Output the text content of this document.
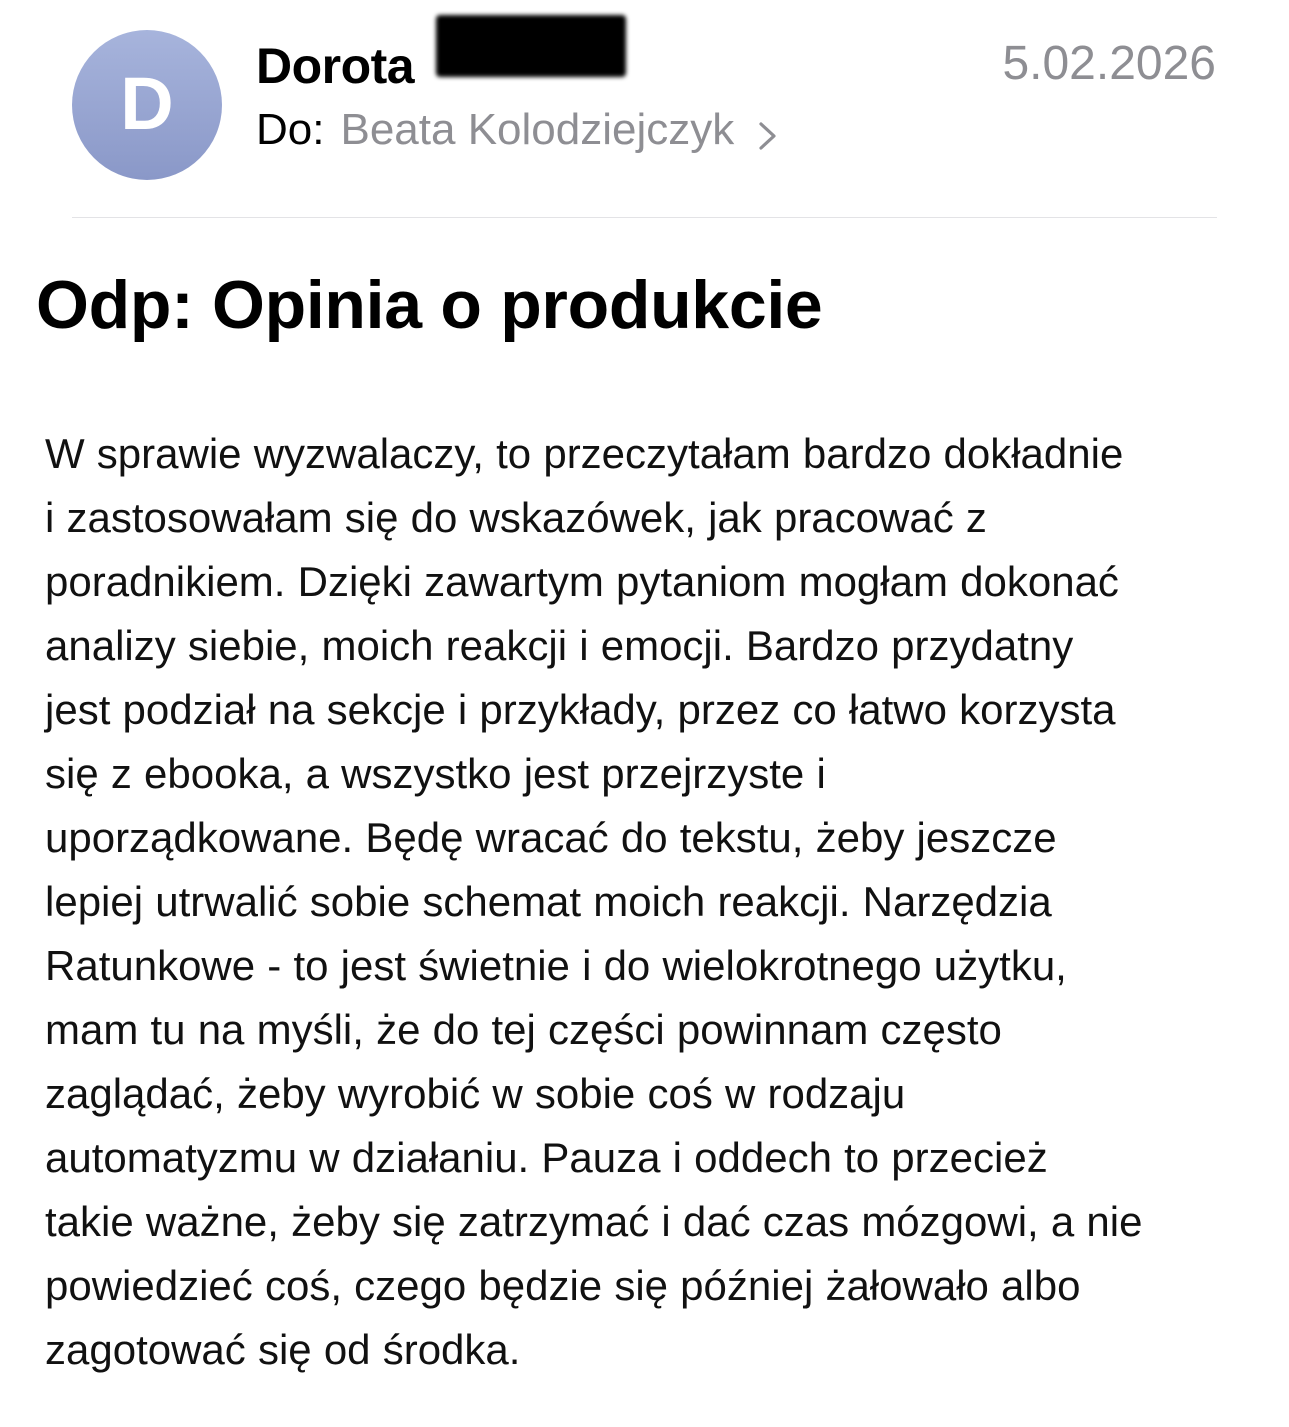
D Dorota	5.02.2026
Do: Beata Kolodziejczyk
Odp: Opinia o produkcie
W sprawie wyzwalaczy, to przeczytałam bardzo dokładnie
i zastosowałam się do wskazówek, jak pracować z
poradnikiem. Dzięki zawartym pytaniom mogłam dokonać
analizy siebie, moich reakcji i emocji. Bardzo przydatny
jest podział na sekcje i przykłady, przez co łatwo korzysta
się z ebooka, a wszystko jest przejrzyste i
uporządkowane. Będę wracać do tekstu, żeby jeszcze
lepiej utrwalić sobie schemat moich reakcji. Narzędzia
Ratunkowe - to jest świetnie i do wielokrotnego użytku,
mam tu na myśli, że do tej części powinnam często
zaglądać, żeby wyrobić w sobie coś w rodzaju
automatyzmu w działaniu. Pauza i oddech to przecież
takie ważne, żeby się zatrzymać i dać czas mózgowi, a nie
powiedzieć coś, czego będzie się później żałowało albo
zagotować się od środka.
